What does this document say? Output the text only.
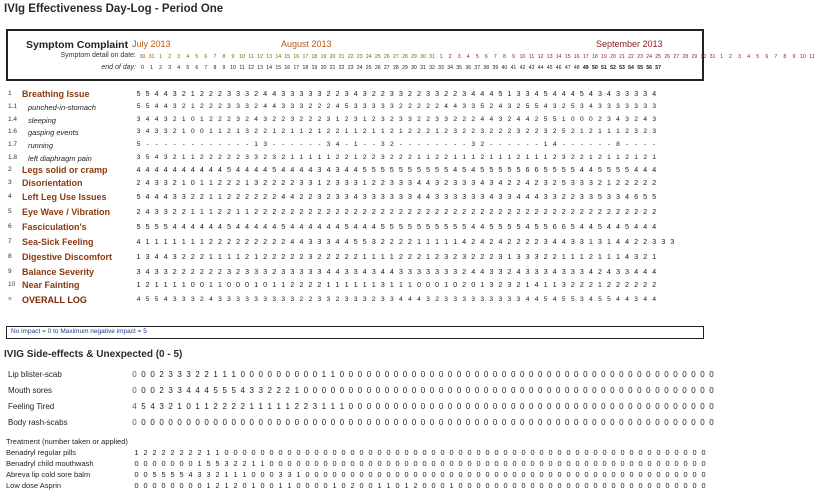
IVIg Effectiveness Day-Log - Period One
Symptom Complaint
Symptom detail on date:
end of day:
July 2013	August 2013	September 2013
30 31 1 2 3 4 5 6 7 8 9 10 11 12 13 14 15 16 17 18 19 20 21 22 23 24 25 26 27 28 29 30 31 1 2 3 4 5 6 7 8 9 10 11 12 13 14 15 16 17 18 19 20 21 22 23 24 25 26 27 28 29 30 31 1 2 3 4 5 6 7 8 9 10 11
0 1 2 3 4 5 6 7 8 9 10 11 12 13 14 15 16 17 18 19 20 21 22 23 24 25 26 27 28 29 30 31 32 33 34 35 36 37 38 39 40 41 42 43 44 45 46 47 48 49 50 51 52 53 54 55 56 57
1 Breathing Issue	5 5 4 4 3 2 1 2 2 2 3 3 3 2 4 4 3 3 3 3 3 2 2 3 4 3 2 2 3 3 2 2 3 3 2 2 3 4 4 4 5 1 3 3 4 5 4 4 4 5 4 3 4 3 3 3 3 4
1.1 punched-in-stomach	5 5 4 4 3 2 1 2 2 2 3 3 3 2 4 4 3 3 3 2 2 2 4 5 3 3 3 3 3 2 2 2 2 2 4 4 3 3 5 2 4 3 2 5 5 4 3 2 5 3 4 3 3 3 3 3 3 3
1.4 sleeping	3 4 4 3 2 1 0 1 2 2 2 3 2 4 3 2 2 3 2 2 2 3 1 2 3 1 2 3 2 3 3 2 2 3 3 2 2 2 4 4 3 2 4 4 2 5 5 1 0 0 0 2 3 4 3 2 4 3
1.6 gasping events	3 4 3 3 2 1 0 0 1 1 2 1 3 2 2 1 2 1 1 2 1 2 2 1 1 2 1 1 2 1 2 2 2 1 2 3 2 2 3 2 2 2 3 2 2 3 2 5 2 1 2 1 1 1 2 3 2 3
1.7 running	5 - - - - - - - - - - - - 1 3 - - - - - - 3 4 - 1 - - 3 2 - - - - - - - - 3 2 - - - - - - 1 4 - - - - - - 8 - - - -
1.8 left diaphragm pain	3 5 4 3 2 1 1 2 2 2 2 2 3 3 2 3 2 1 1 1 1 1 2 2 1 2 2 3 2 2 2 1 1 2 2 1 1 1 2 1 1 1 2 1 1 1 2 3 2 2 1 2 1 1 2 1 2 1
2 Legs solid or cramp	4 4 4 4 4 4 4 4 4 4 5 4 4 4 4 5 4 4 4 4 3 4 3 4 4 5 5 5 5 5 5 5 5 5 5 4 5 4 5 5 5 5 5 6 6 5 5 5 5 4 4 5 5 5 5 4 4 4
3 Disorientation	2 4 3 3 2 1 0 1 1 2 2 2 1 3 2 2 2 2 3 3 1 2 3 3 3 1 2 2 3 3 3 4 4 3 2 3 3 3 4 3 4 2 2 4 2 3 2 5 3 3 3 2 1 2 2 2 2 2
4 Left Leg Use Issues	5 4 4 4 3 3 2 2 1 1 2 2 2 2 2 2 4 4 2 2 3 2 3 3 4 3 3 3 3 3 3 4 4 3 3 3 3 3 3 4 3 3 4 4 4 3 3 2 2 3 3 5 3 3 4 6 5 5
5 Eye Wave / Vibration	2 4 3 3 2 2 1 1 1 2 2 1 1 2 2 2 2 2 2 2 2 2 2 2 2 2 2 2 2 2 2 2 2 2 2 2 2 2 2 2 2 2 2 2 2 2 2 2 2 2 2 2 2 2 2 2 2 2
6 Fasciculation's	5 5 5 5 4 4 4 4 4 4 5 4 4 4 4 4 5 4 4 4 4 4 4 5 4 4 4 5 5 5 5 5 5 5 5 5 5 4 4 5 5 5 5 4 5 5 6 6 5 4 4 5 4 4 5 4 4 4
7 Sea-Sick Feeling	4 1 1 1 1 1 1 1 2 2 2 2 2 2 2 2 2 4 4 3 3 3 4 4 5 5 3 2 2 2 2 1 1 1 1 1 4 2 4 2 4 2 2 2 2 3 4 4 3 3 1 3 1 4 4 2 2 3 3 3
8 Digestive Discomfort	1 3 4 4 3 2 2 2 1 1 1 1 2 1 2 2 2 2 2 3 2 2 2 2 2 1 1 1 1 2 2 2 1 2 3 2 3 2 2 2 3 1 3 3 3 2 2 1 1 1 2 1 1 1 4 3 2 1
9 Balance Severity	3 4 3 3 2 2 2 2 2 2 3 2 3 3 3 2 3 3 3 3 3 4 4 3 3 4 3 4 4 3 3 3 3 3 3 3 2 4 4 3 3 2 4 3 3 3 4 3 3 3 4 2 4 3 3 4 4 4
10 Near Fainting	1 2 1 1 1 1 0 0 1 1 0 0 0 1 0 1 1 2 2 2 2 1 1 1 1 1 1 3 1 1 1 0 0 0 1 0 2 0 1 3 2 3 2 1 4 1 1 3 2 2 2 1 2 2 2 2 2 2
≡ OVERALL LOG	4 5 5 4 3 3 3 2 4 3 3 3 3 3 3 3 3 3 2 2 3 3 2 3 3 3 2 3 3 4 4 4 3 2 3 3 3 3 3 3 3 3 3 4 4 5 4 5 5 3 4 5 5 4 4 3 4 4
No impact = 0 to Maximum negative impact = 5
IVIG Side-effects & Unexpected (0 - 5)
Lip blister-scab	0 0 0 2 3 3 3 2 2 1 1 1 0 0 0 0 0 0 0 0 0 1 1 0 0 0 0 0 0 0 0 0 0 0 0 0 0 0 0 0 0 0 0 0 0 0 0 0 0 0 0 0 0 0 0 0 0 0 0 0 0 0 0 0 0
Mouth sores	0 0 0 2 3 3 4 4 4 5 5 5 4 3 3 2 2 2 1 0 0 0 0 0 0 0 0 0 0 0 0 0 0 0 0 0 0 0 0 0 0 0 0 0 0 0 0 0 0 0 0 0 0 0 0 0 0 0 0 0 0 0 0 0 0
Feeling Tired	4 5 4 3 2 1 0 1 1 2 2 2 2 1 1 1 1 1 2 2 3 1 1 1 0 0 0 0 0 0 0 0 0 0 0 0 0 0 0 0 0 0 0 0 0 0 0 0 0 0 0 0 0 0 0 0 0 0 0 0 0 0 0 0 0
Body rash-scabs	0 0 0 0 0 0 0 0 0 0 0 0 0 0 0 0 0 0 0 0 0 0 0 0 0 0 0 0 0 0 0 0 0 0 0 0 0 0 0 0 0 0 0 0 0 0 0 0 0 0 0 0 0 0 0 0 0 0 0 0 0 0 0 0 0
Treatment (number taken or applied)
Benadryl regular pills	1 2 2 2 2 2 2 2 1 1 0 0 0 0 0 0 0 0 0 0 0 0 0 0 0 0 0 0 0 0 0 0 0 0 0 0 0 0 0 0 0 0 0 0 0 0 0 0 0 0 0 0 0 0 0 0 0 0 0 0 0 0 0 0
Benadryl child mouthwash	0 0 0 0 0 0 0 1 5 5 3 2 2 1 1 0 0 0 0 0 0 0 0 0 0 0 0 0 0 0 0 0 0 0 0 0 0 0 0 0 0 0 0 0 0 0 0 0 0 0 0 0 0 0 0 0 0 0 0 0 0 0 0 0
Abreva lip cold sore balm	0 0 5 5 5 5 4 3 3 2 1 1 1 0 0 0 3 3 1 0 0 0 0 0 0 0 0 0 0 0 0 0 0 0 0 0 0 0 0 0 0 0 0 0 0 0 0 0 0 0 0 0 0 0 0 0 0 0 0 0 0 0 0 0
Low dose Asprin	0 0 0 0 0 0 0 0 1 2 1 2 0 1 0 0 1 1 0 0 0 0 1 0 2 0 0 1 1 0 1 2 0 0 0 1 0 0 0 0 0 0 0 0 0 0 0 0 0 0 0 0 0 0 0 0 0 0 0 0 0 0 0 0
